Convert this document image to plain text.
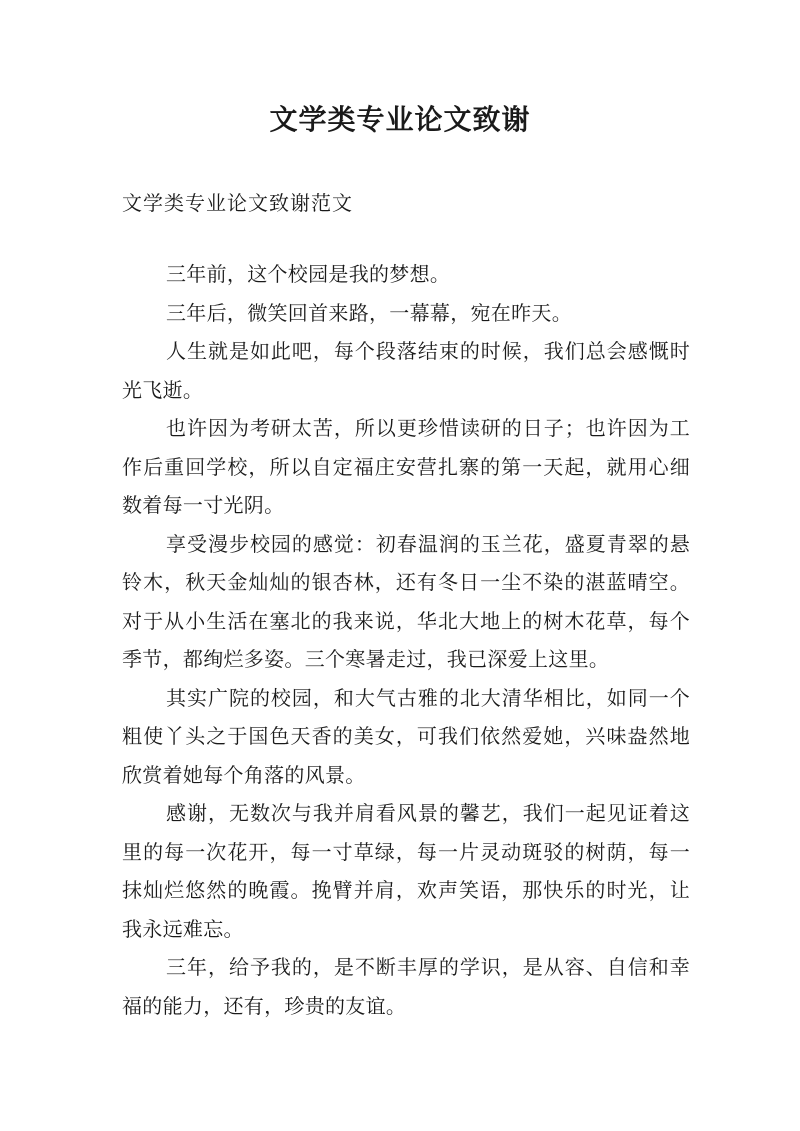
文学类专业论文致谢

文学类专业论文致谢范文

三年前，这个校园是我的梦想。

三年后，微笑回首来路，一幕幕，宛在昨天。

人生就是如此吧，每个段落结束的时候，我们总会感慨时光飞逝。

也许因为考研太苦，所以更珍惜读研的日子；也许因为工作后重回学校，所以自定福庄安营扎寨的第一天起，就用心细数着每一寸光阴。

享受漫步校园的感觉：初春温润的玉兰花，盛夏青翠的悬铃木，秋天金灿灿的银杏林，还有冬日一尘不染的湛蓝晴空。对于从小生活在塞北的我来说，华北大地上的树木花草，每个季节，都绚烂多姿。三个寒暑走过，我已深爱上这里。

其实广院的校园，和大气古雅的北大清华相比，如同一个粗使丫头之于国色天香的美女，可我们依然爱她，兴味盎然地欣赏着她每个角落的风景。

感谢，无数次与我并肩看风景的馨艺，我们一起见证着这里的每一次花开，每一寸草绿，每一片灵动斑驳的树荫，每一抹灿烂悠然的晚霞。挽臂并肩，欢声笑语，那快乐的时光，让我永远难忘。

三年，给予我的，是不断丰厚的学识，是从容、自信和幸福的能力，还有，珍贵的友谊。
